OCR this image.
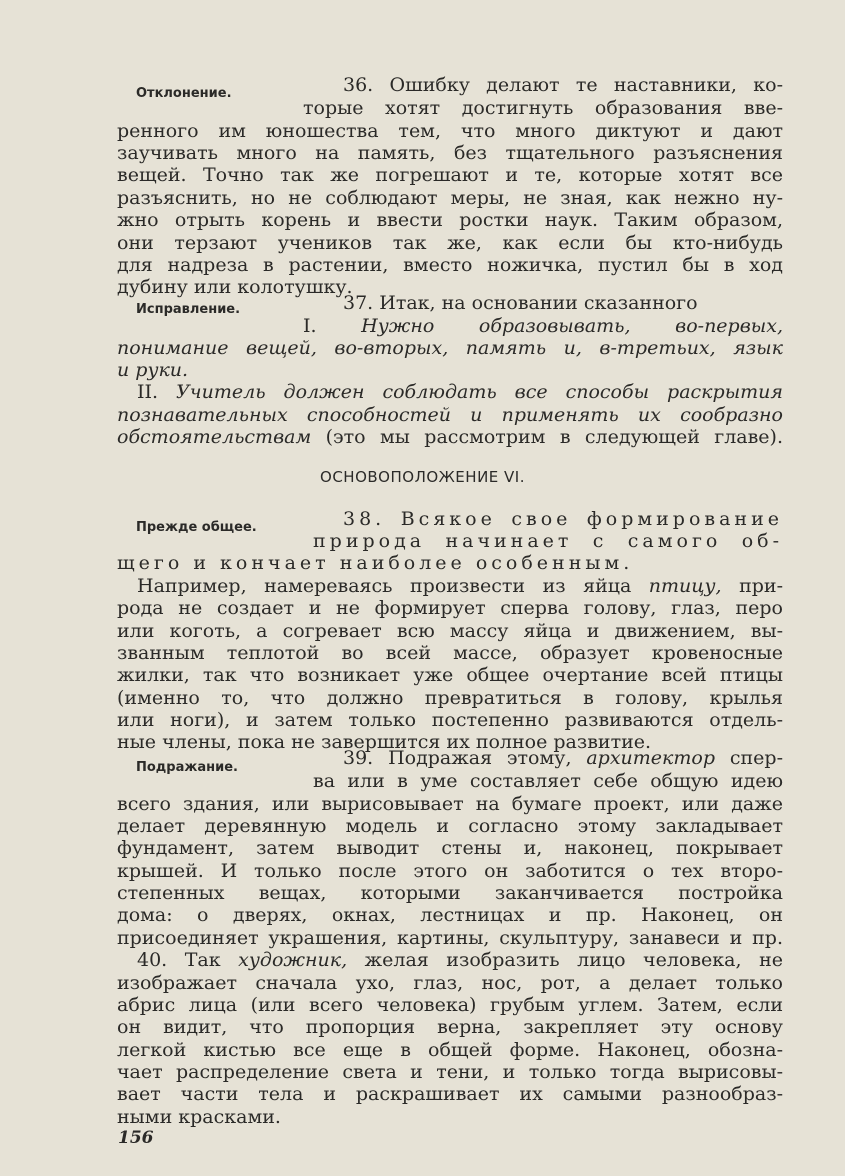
Отклонение.	36. Ошибку делают те наставники, ко-
торые хотят достигнуть образования вве-
ренного им юношества тем, что много диктуют и дают
заучивать много на память, без тщательного разъяснения
вещей. Точно так же погрешают и те, которые хотят все
разъяснить, но не соблюдают меры, не зная, как нежно ну-
жно отрыть корень и ввести ростки наук. Таким образом,
они терзают учеников так же, как если бы кто-нибудь
для надреза в растении, вместо ножичка, пустил бы в ход
дубину или колотушку.
Исправление.	37. Итак, на основании сказанного
I. Нужно образовывать, во-первых,
понимание вещей, во-вторых, память и, в-третьих, язык
и руки.
II. Учитель должен соблюдать все способы раскрытия
познавательных способностей и применять их сообразно
обстоятельствам (это мы рассмотрим в следующей главе).
ОСНОВОПОЛОЖЕНИЕ VI.
Прежде общее.	38. Всякое свое формирование
природа начинает с самого об-
щего и кончает наиболее особенным.
Например, намереваясь произвести из яйца птицу, при-
рода не создает и не формирует сперва голову, глаз, перо
или коготь, а согревает всю массу яйца и движением, вы-
званным теплотой во всей массе, образует кровеносные
жилки, так что возникает уже общее очертание всей птицы
(именно то, что должно превратиться в голову, крылья
или ноги), и затем только постепенно развиваются отдель-
ные члены, пока не завершится их полное развитие.
Подражание.	39. Подражая этому, архитектор спер-
ва или в уме составляет себе общую идею
всего здания, или вырисовывает на бумаге проект, или даже
делает деревянную модель и согласно этому закладывает
фундамент, затем выводит стены и, наконец, покрывает
крышей. И только после этого он заботится о тех второ-
степенных вещах, которыми заканчивается постройка
дома: о дверях, окнах, лестницах и пр. Наконец, он
присоединяет украшения, картины, скульптуру, занавеси и пр.
40. Так художник, желая изобразить лицо человека, не
изображает сначала ухо, глаз, нос, рот, а делает только
абрис лица (или всего человека) грубым углем. Затем, если
он видит, что пропорция верна, закрепляет эту основу
легкой кистью все еще в общей форме. Наконец, обозна-
чает распределение света и тени, и только тогда вырисовы-
вает части тела и раскрашивает их самыми разнообраз-
ными красками.
156
